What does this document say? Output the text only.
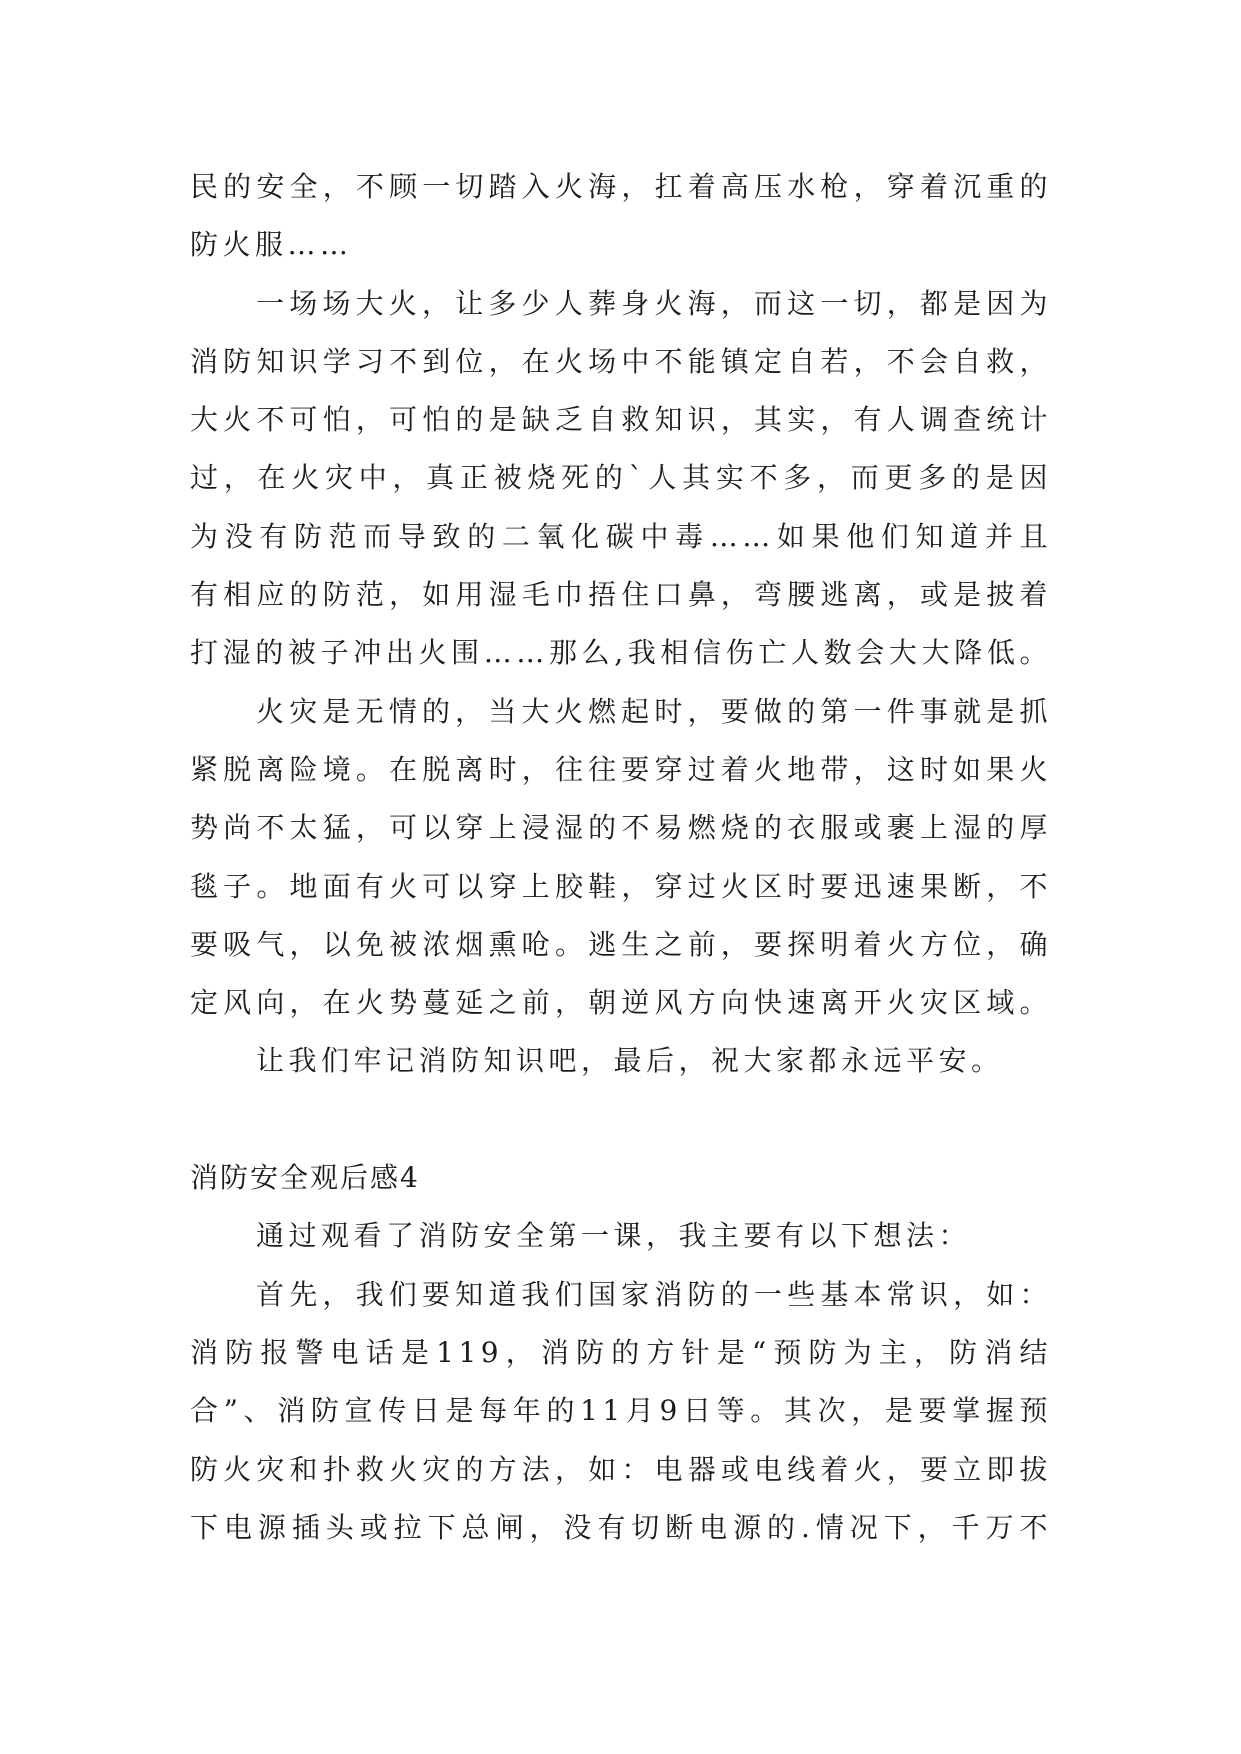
民的安全，不顾一切踏入火海，扛着高压水枪，穿着沉重的
防火服……
一场场大火，让多少人葬身火海，而这一切，都是因为
消防知识学习不到位，在火场中不能镇定自若，不会自救，
大火不可怕，可怕的是缺乏自救知识，其实，有人调查统计
过，在火灾中，真正被烧死的`人其实不多，而更多的是因
为没有防范而导致的二氧化碳中毒……如果他们知道并且
有相应的防范，如用湿毛巾捂住口鼻，弯腰逃离，或是披着
打湿的被子冲出火围……那么,我相信伤亡人数会大大降低。
火灾是无情的，当大火燃起时，要做的第一件事就是抓
紧脱离险境。在脱离时，往往要穿过着火地带，这时如果火
势尚不太猛，可以穿上浸湿的不易燃烧的衣服或裹上湿的厚
毯子。地面有火可以穿上胶鞋，穿过火区时要迅速果断，不
要吸气，以免被浓烟熏呛。逃生之前，要探明着火方位，确
定风向，在火势蔓延之前，朝逆风方向快速离开火灾区域。
让我们牢记消防知识吧，最后，祝大家都永远平安。
消防安全观后感4
通过观看了消防安全第一课，我主要有以下想法：
首先，我们要知道我们国家消防的一些基本常识，如：
消防报警电话是119，消防的方针是“预防为主，防消结
合”、消防宣传日是每年的11月9日等。其次，是要掌握预
防火灾和扑救火灾的方法，如：电器或电线着火，要立即拔
下电源插头或拉下总闸，没有切断电源的.情况下，千万不
